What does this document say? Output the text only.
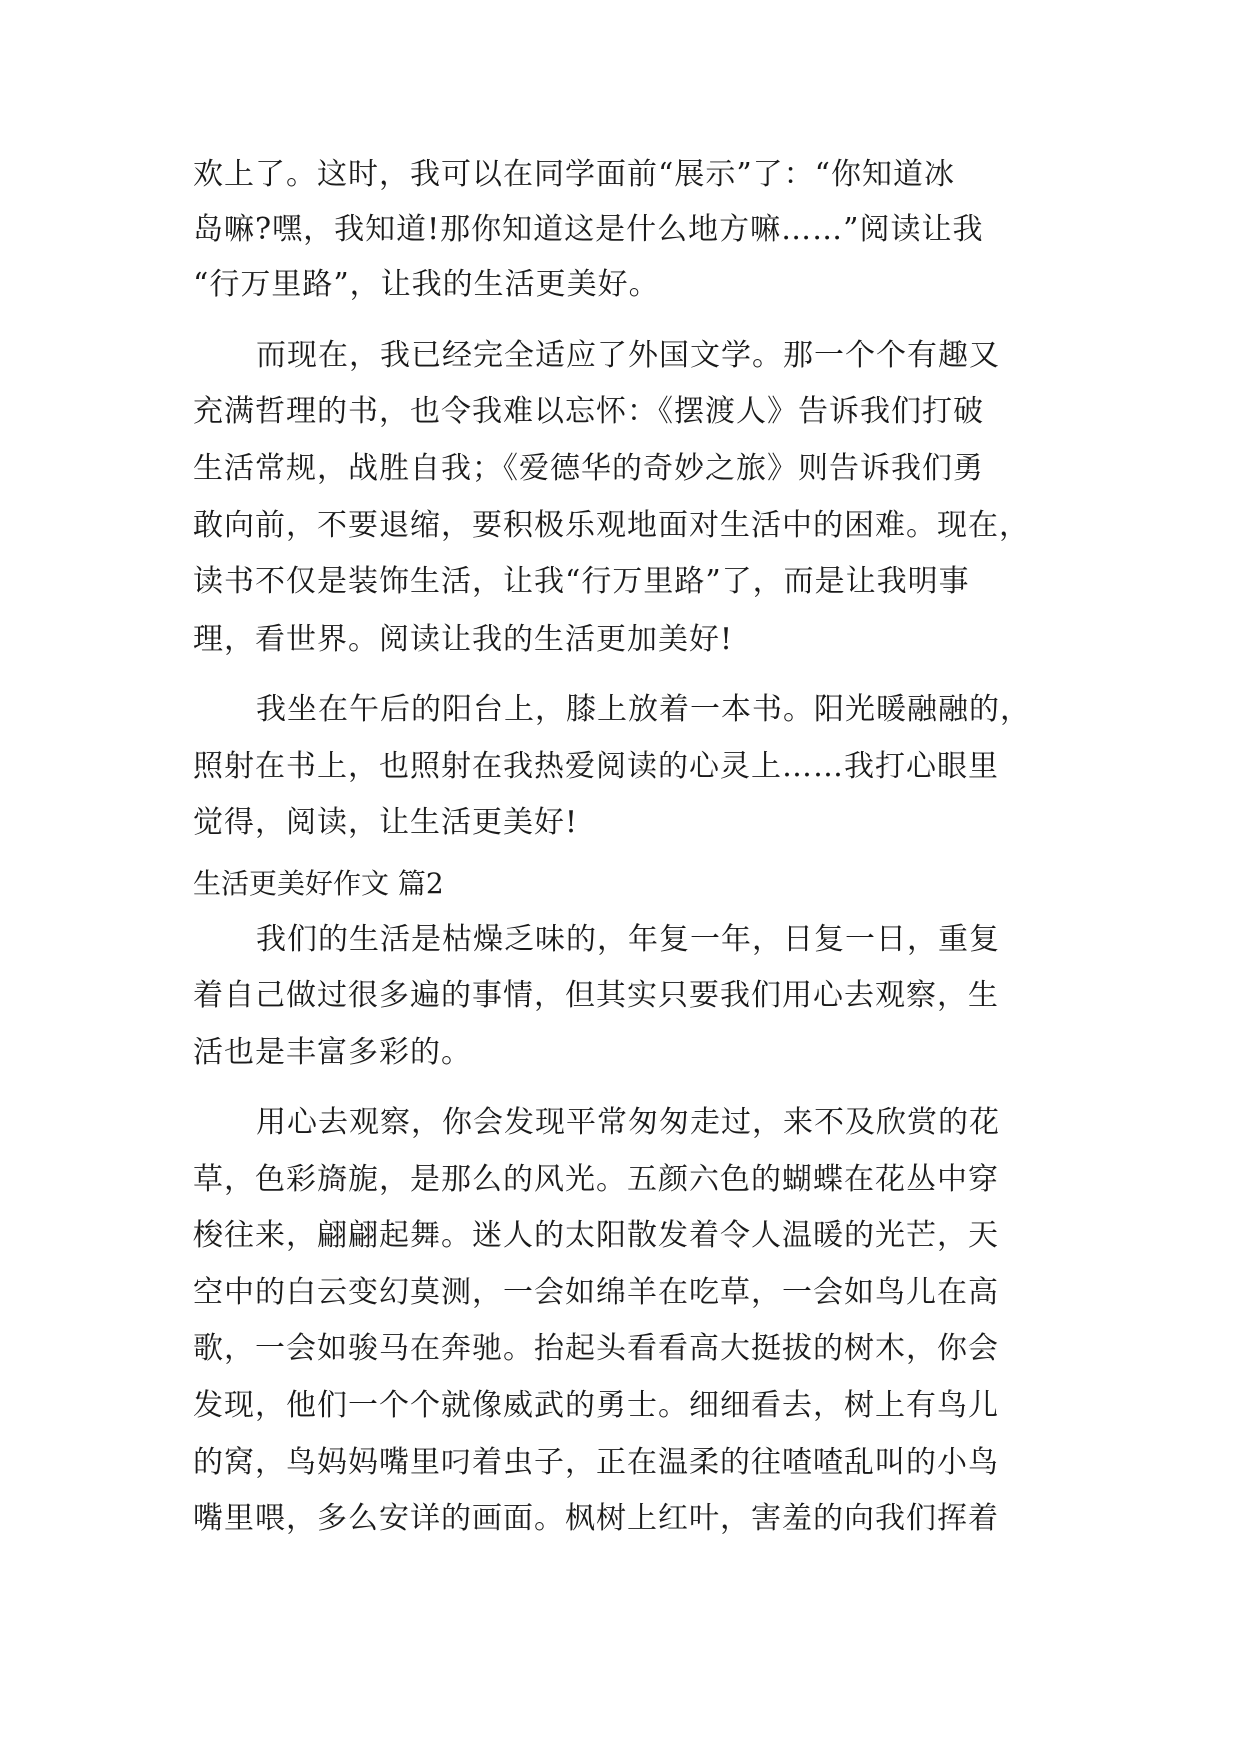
欢上了。这时，我可以在同学面前“展示”了：“你知道冰
岛嘛?嘿，我知道!那你知道这是什么地方嘛……”阅读让我
“行万里路”，让我的生活更美好。
而现在，我已经完全适应了外国文学。那一个个有趣又
充满哲理的书，也令我难以忘怀：《摆渡人》告诉我们打破
生活常规，战胜自我；《爱德华的奇妙之旅》则告诉我们勇
敢向前，不要退缩，要积极乐观地面对生活中的困难。现在，
读书不仅是装饰生活，让我“行万里路”了，而是让我明事
理，看世界。阅读让我的生活更加美好!
我坐在午后的阳台上，膝上放着一本书。阳光暖融融的，
照射在书上，也照射在我热爱阅读的心灵上……我打心眼里
觉得，阅读，让生活更美好!
生活更美好作文 篇2
我们的生活是枯燥乏味的，年复一年，日复一日，重复
着自己做过很多遍的事情，但其实只要我们用心去观察，生
活也是丰富多彩的。
用心去观察，你会发现平常匆匆走过，来不及欣赏的花
草，色彩旖旎，是那么的风光。五颜六色的蝴蝶在花丛中穿
梭往来，翩翩起舞。迷人的太阳散发着令人温暖的光芒，天
空中的白云变幻莫测，一会如绵羊在吃草，一会如鸟儿在高
歌，一会如骏马在奔驰。抬起头看看高大挺拔的树木，你会
发现，他们一个个就像威武的勇士。细细看去，树上有鸟儿
的窝，鸟妈妈嘴里叼着虫子，正在温柔的往喳喳乱叫的小鸟
嘴里喂，多么安详的画面。枫树上红叶，害羞的向我们挥着
